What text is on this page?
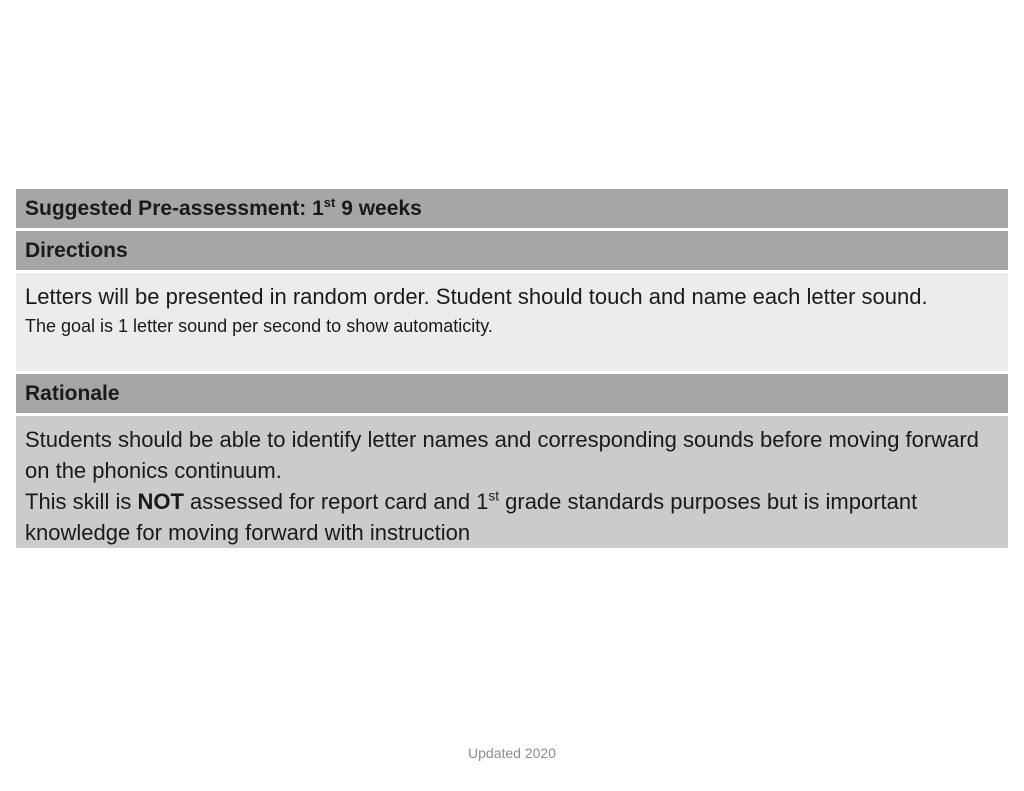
Suggested Pre-assessment: 1st 9 weeks
Directions
Letters will be presented in random order. Student should touch and name each letter sound.
The goal is 1 letter sound per second to show automaticity.
Rationale
Students should be able to identify letter names and corresponding sounds before moving forward on the phonics continuum.
This skill is NOT assessed for report card and 1st grade standards purposes but is important knowledge for moving forward with instruction
Updated 2020
